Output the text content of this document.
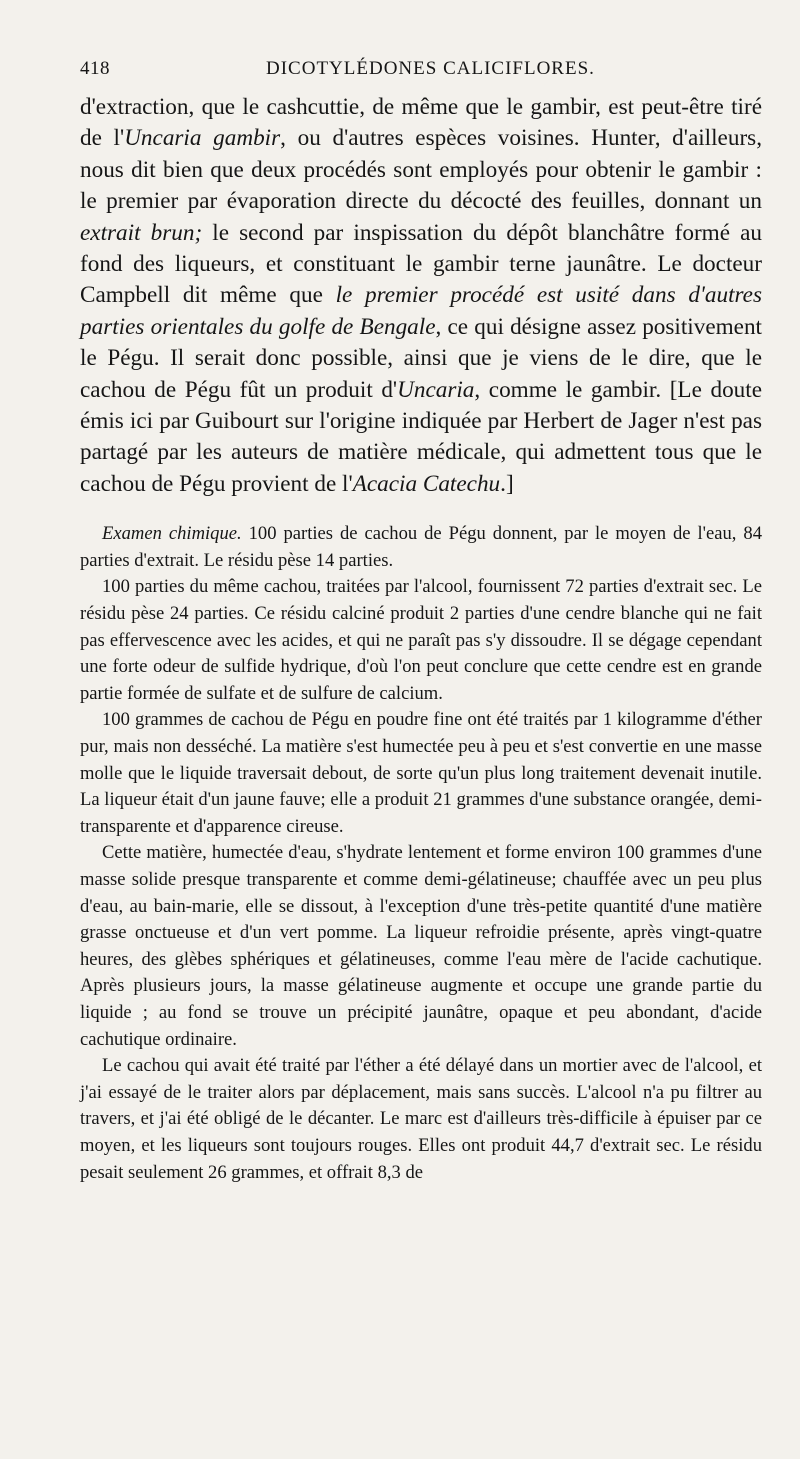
418	DICOTYLÉDONES CALICIFLORES.

d'extraction, que le cashcuttie, de même que le gambir, est peut-être tiré de l'Uncaria gambir, ou d'autres espèces voisines. Hunter, d'ailleurs, nous dit bien que deux procédés sont employés pour obtenir le gambir : le premier par évaporation directe du décocté des feuilles, donnant un extrait brun; le second par inspissation du dépôt blanchâtre formé au fond des liqueurs, et constituant le gambir terne jaunâtre. Le docteur Campbell dit même que le premier procédé est usité dans d'autres parties orientales du golfe de Bengale, ce qui désigne assez positivement le Pégu. Il serait donc possible, ainsi que je viens de le dire, que le cachou de Pégu fût un produit d'Uncaria, comme le gambir. [Le doute émis ici par Guibourt sur l'origine indiquée par Herbert de Jager n'est pas partagé par les auteurs de matière médicale, qui admettent tous que le cachou de Pégu provient de l'Acacia Catechu.]

Examen chimique. 100 parties de cachou de Pégu donnent, par le moyen de l'eau, 84 parties d'extrait. Le résidu pèse 14 parties.

100 parties du même cachou, traitées par l'alcool, fournissent 72 parties d'extrait sec. Le résidu pèse 24 parties. Ce résidu calciné produit 2 parties d'une cendre blanche qui ne fait pas effervescence avec les acides, et qui ne paraît pas s'y dissoudre. Il se dégage cependant une forte odeur de sulfide hydrique, d'où l'on peut conclure que cette cendre est en grande partie formée de sulfate et de sulfure de calcium.

100 grammes de cachou de Pégu en poudre fine ont été traités par 1 kilogramme d'éther pur, mais non desséché. La matière s'est humectée peu à peu et s'est convertie en une masse molle que le liquide traversait debout, de sorte qu'un plus long traitement devenait inutile. La liqueur était d'un jaune fauve; elle a produit 21 grammes d'une substance orangée, demi-transparente et d'apparence cireuse.

Cette matière, humectée d'eau, s'hydrate lentement et forme environ 100 grammes d'une masse solide presque transparente et comme demi-gélatineuse; chauffée avec un peu plus d'eau, au bain-marie, elle se dissout, à l'exception d'une très-petite quantité d'une matière grasse onctueuse et d'un vert pomme. La liqueur refroidie présente, après vingt-quatre heures, des glèbes sphériques et gélatineuses, comme l'eau mère de l'acide cachutique. Après plusieurs jours, la masse gélatineuse augmente et occupe une grande partie du liquide ; au fond se trouve un précipité jaunâtre, opaque et peu abondant, d'acide cachutique ordinaire.

Le cachou qui avait été traité par l'éther a été délayé dans un mortier avec de l'alcool, et j'ai essayé de le traiter alors par déplacement, mais sans succès. L'alcool n'a pu filtrer au travers, et j'ai été obligé de le décanter. Le marc est d'ailleurs très-difficile à épuiser par ce moyen, et les liqueurs sont toujours rouges. Elles ont produit 44,7 d'extrait sec. Le résidu pesait seulement 26 grammes, et offrait 8,3 de
